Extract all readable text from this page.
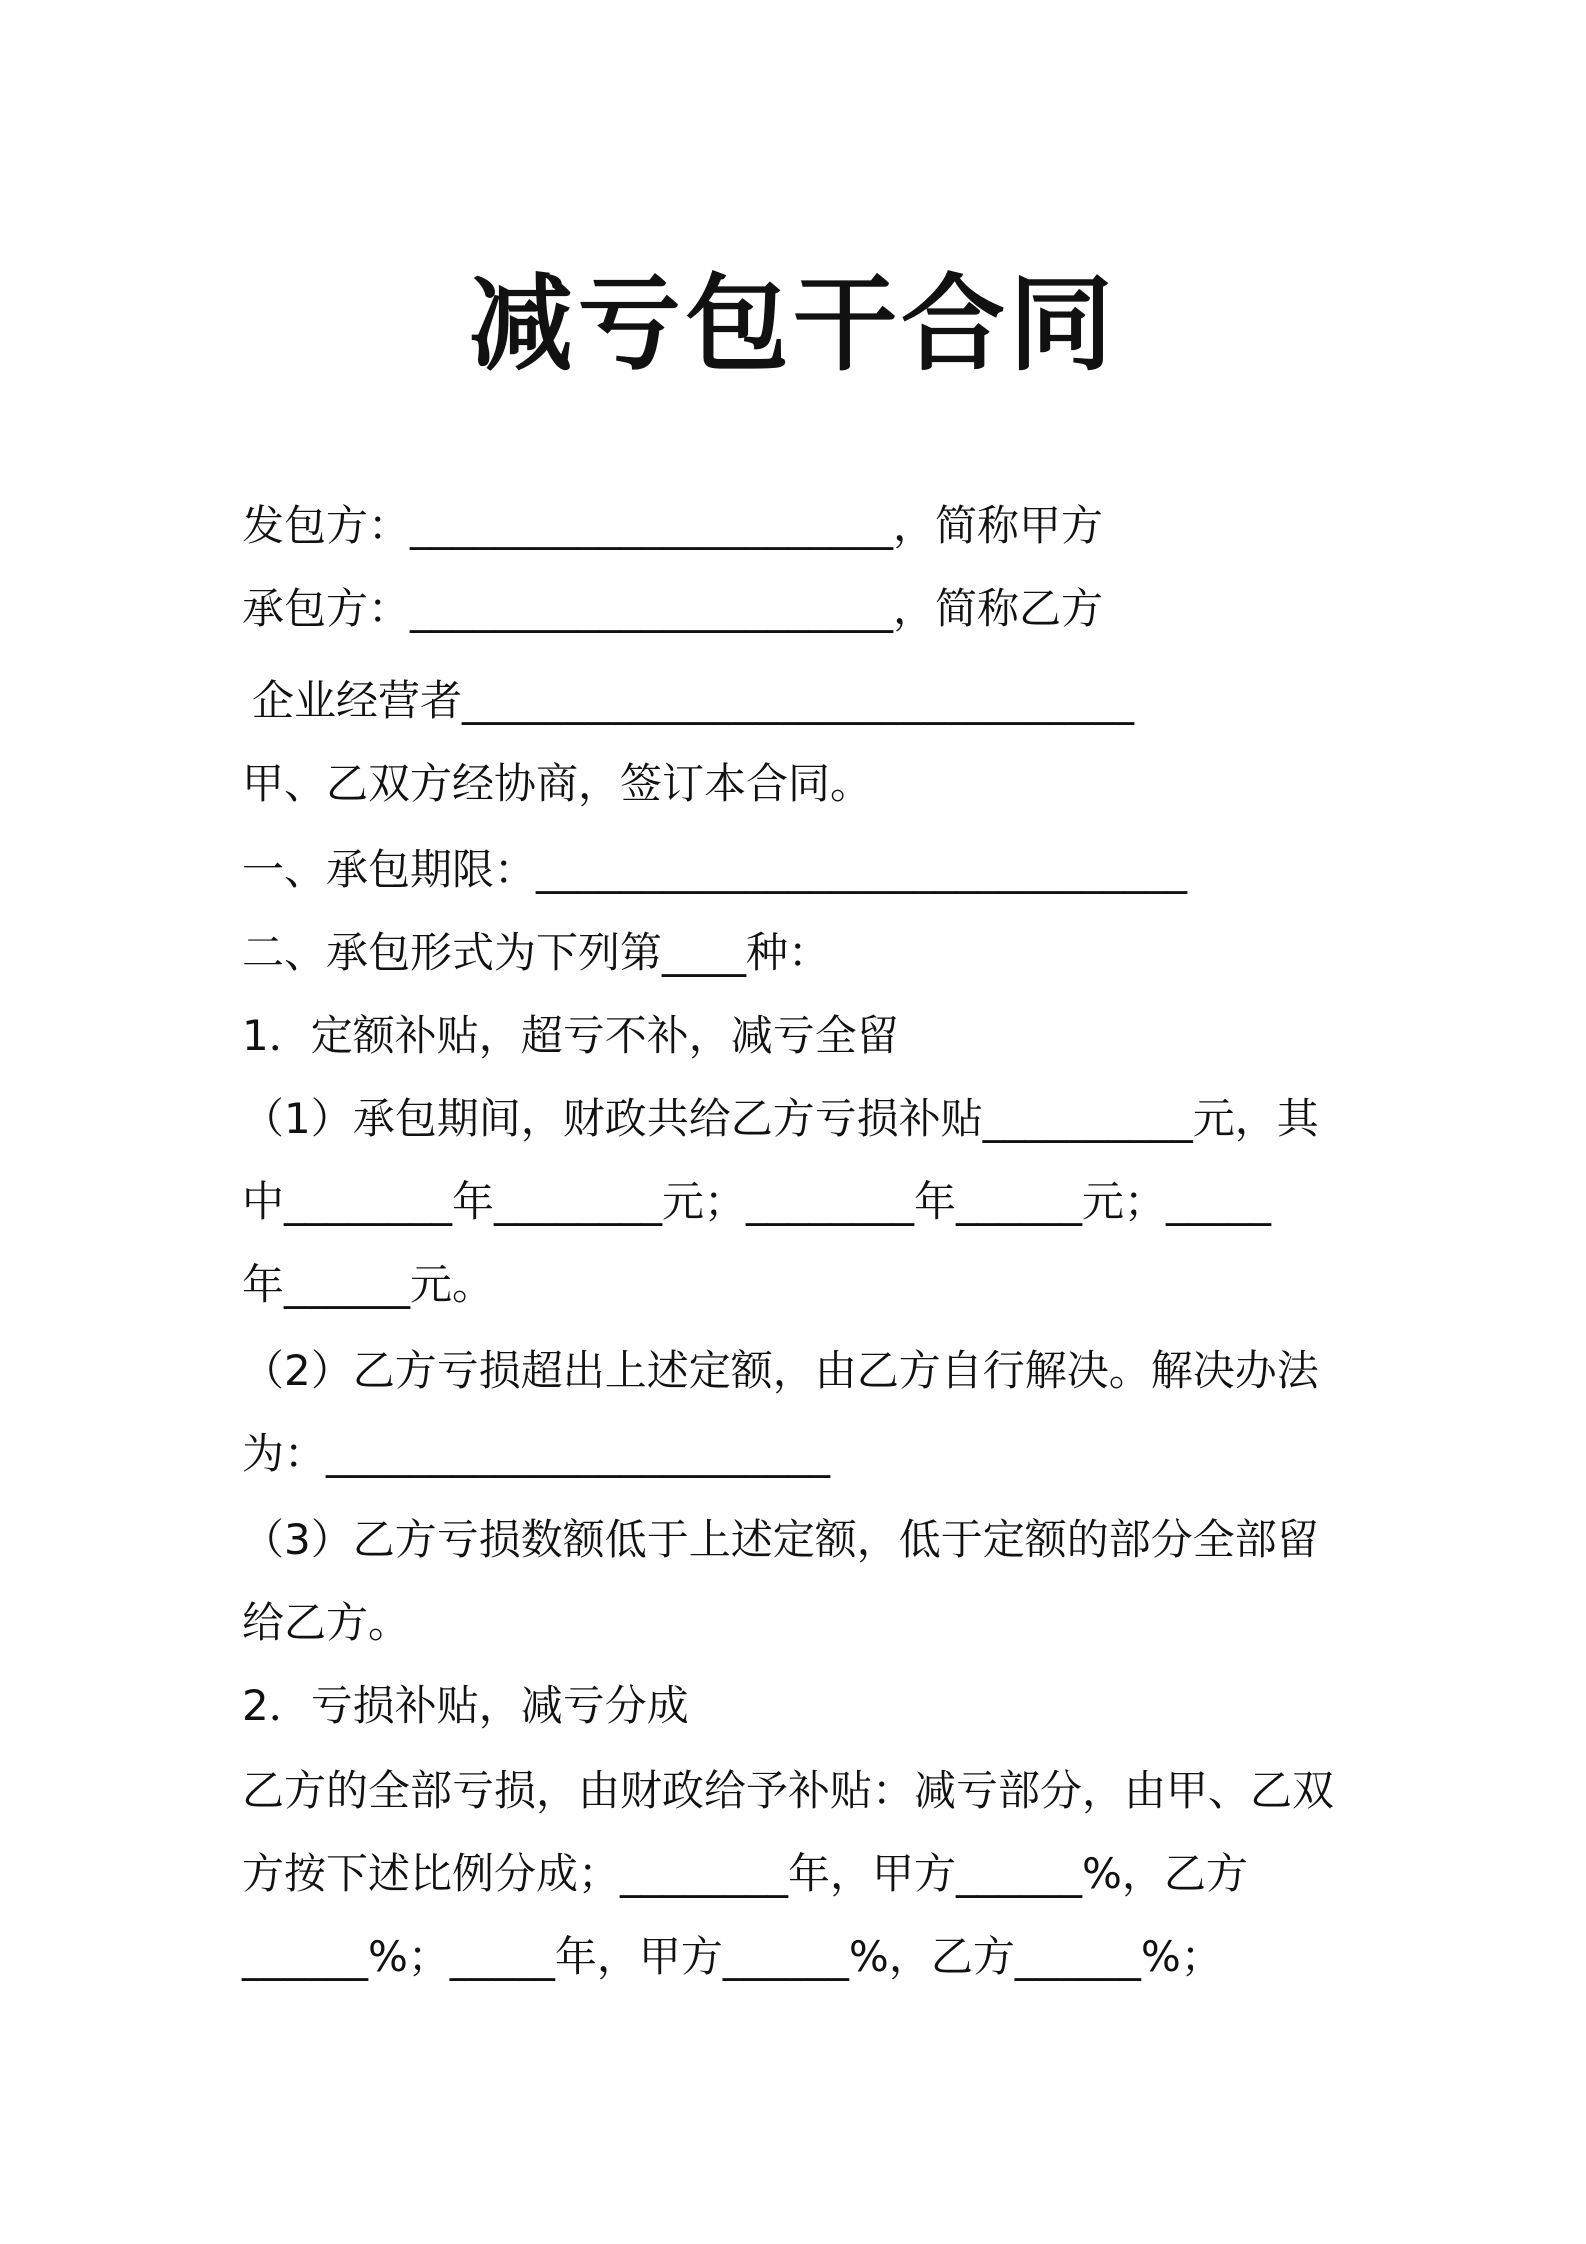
减亏包干合同
发包方：_______________________，简称甲方
承包方：_______________________，简称乙方
企业经营者________________________________
甲、乙双方经协商，签订本合同。
一、承包期限：_______________________________
二、承包形式为下列第____种：
1．定额补贴，超亏不补，减亏全留
（1）承包期间，财政共给乙方亏损补贴__________元，其
中________年________元；________年______元；_____
年______元。
（2）乙方亏损超出上述定额，由乙方自行解决。解决办法
为：________________________
（3）乙方亏损数额低于上述定额，低于定额的部分全部留
给乙方。
2．亏损补贴，减亏分成
乙方的全部亏损，由财政给予补贴：减亏部分，由甲、乙双
方按下述比例分成；________年，甲方______%，乙方
______%；_____年，甲方______%，乙方______%；
